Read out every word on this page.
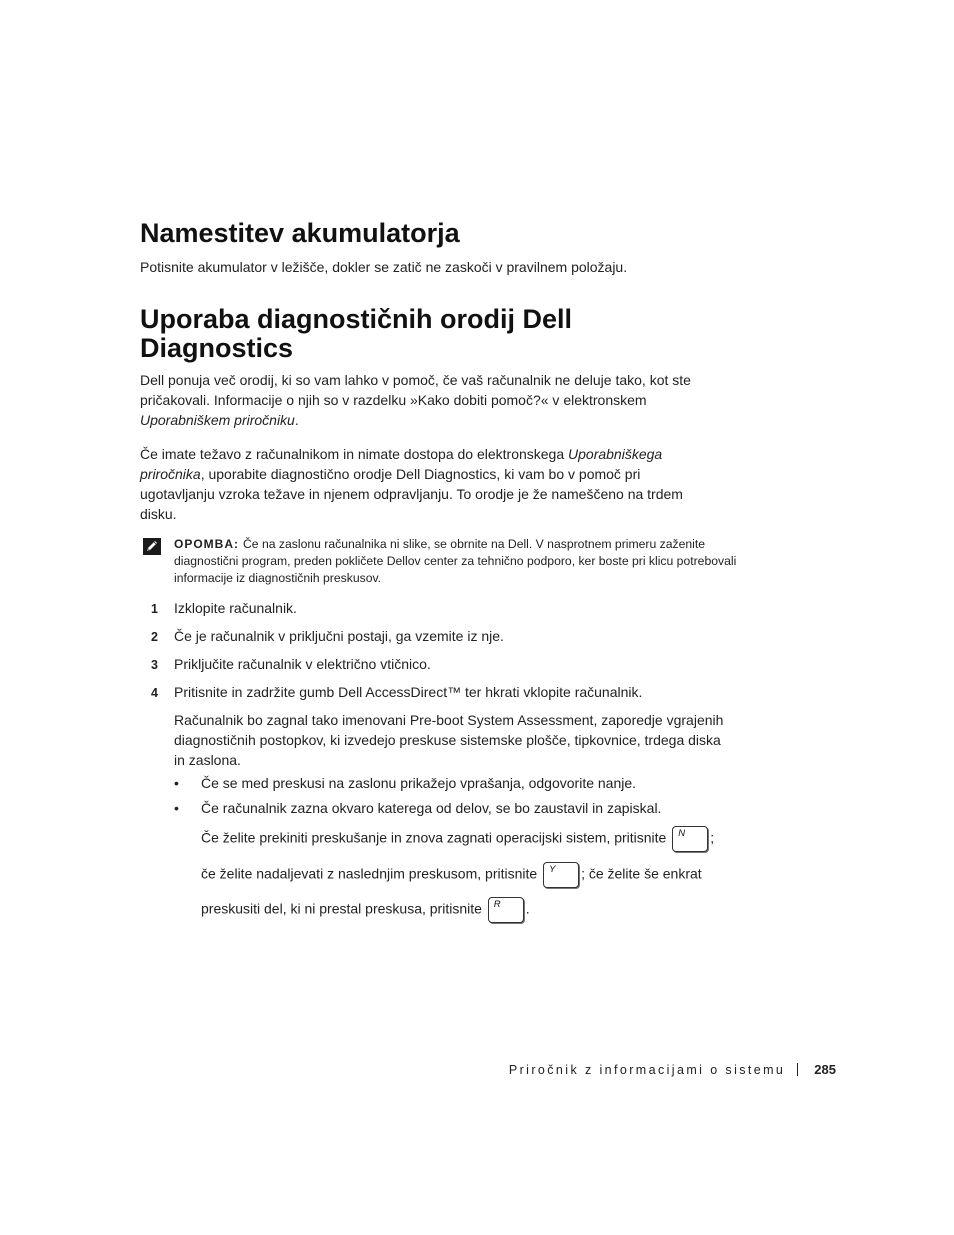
Namestitev akumulatorja

Potisnite akumulator v ležišče, dokler se zatič ne zaskoči v pravilnem položaju.

Uporaba diagnostičnih orodij Dell
Diagnostics

Dell ponuja več orodij, ki so vam lahko v pomoč, če vaš računalnik ne deluje tako, kot ste pričakovali. Informacije o njih so v razdelku »Kako dobiti pomoč?« v elektronskem Uporabniškem priročniku.

Če imate težavo z računalnikom in nimate dostopa do elektronskega Uporabniškega priročnika, uporabite diagnostično orodje Dell Diagnostics, ki vam bo v pomoč pri ugotavljanju vzroka težave in njenem odpravljanju. To orodje je že nameščeno na trdem disku.

OPOMBA: Če na zaslonu računalnika ni slike, se obrnite na Dell. V nasprotnem primeru zaženite diagnostični program, preden pokličete Dellov center za tehnično podporo, ker boste pri klicu potrebovali informacije iz diagnostičnih preskusov.
1 Izklopite računalnik.
2 Če je računalnik v priključni postaji, ga vzemite iz nje.
3 Priključite računalnik v električno vtičnico.
4 Pritisnite in zadržite gumb Dell AccessDirect™ ter hkrati vklopite računalnik.

Računalnik bo zagnal tako imenovani Pre-boot System Assessment, zaporedje vgrajenih diagnostičnih postopkov, ki izvedejo preskuse sistemske plošče, tipkovnice, trdega diska in zaslona.

• Če se med preskusi na zaslonu prikažejo vprašanja, odgovorite nanje.
• Če računalnik zazna okvaro katerega od delov, se bo zaustavil in zapiskal.
Če želite prekiniti preskušanje in znova zagnati operacijski sistem, pritisnite N ;
če želite nadaljevati z naslednjim preskusom, pritisnite Y ; če želite še enkrat
preskusiti del, ki ni prestal preskusa, pritisnite R .
Priročnik z informacijami o sistemu 285
